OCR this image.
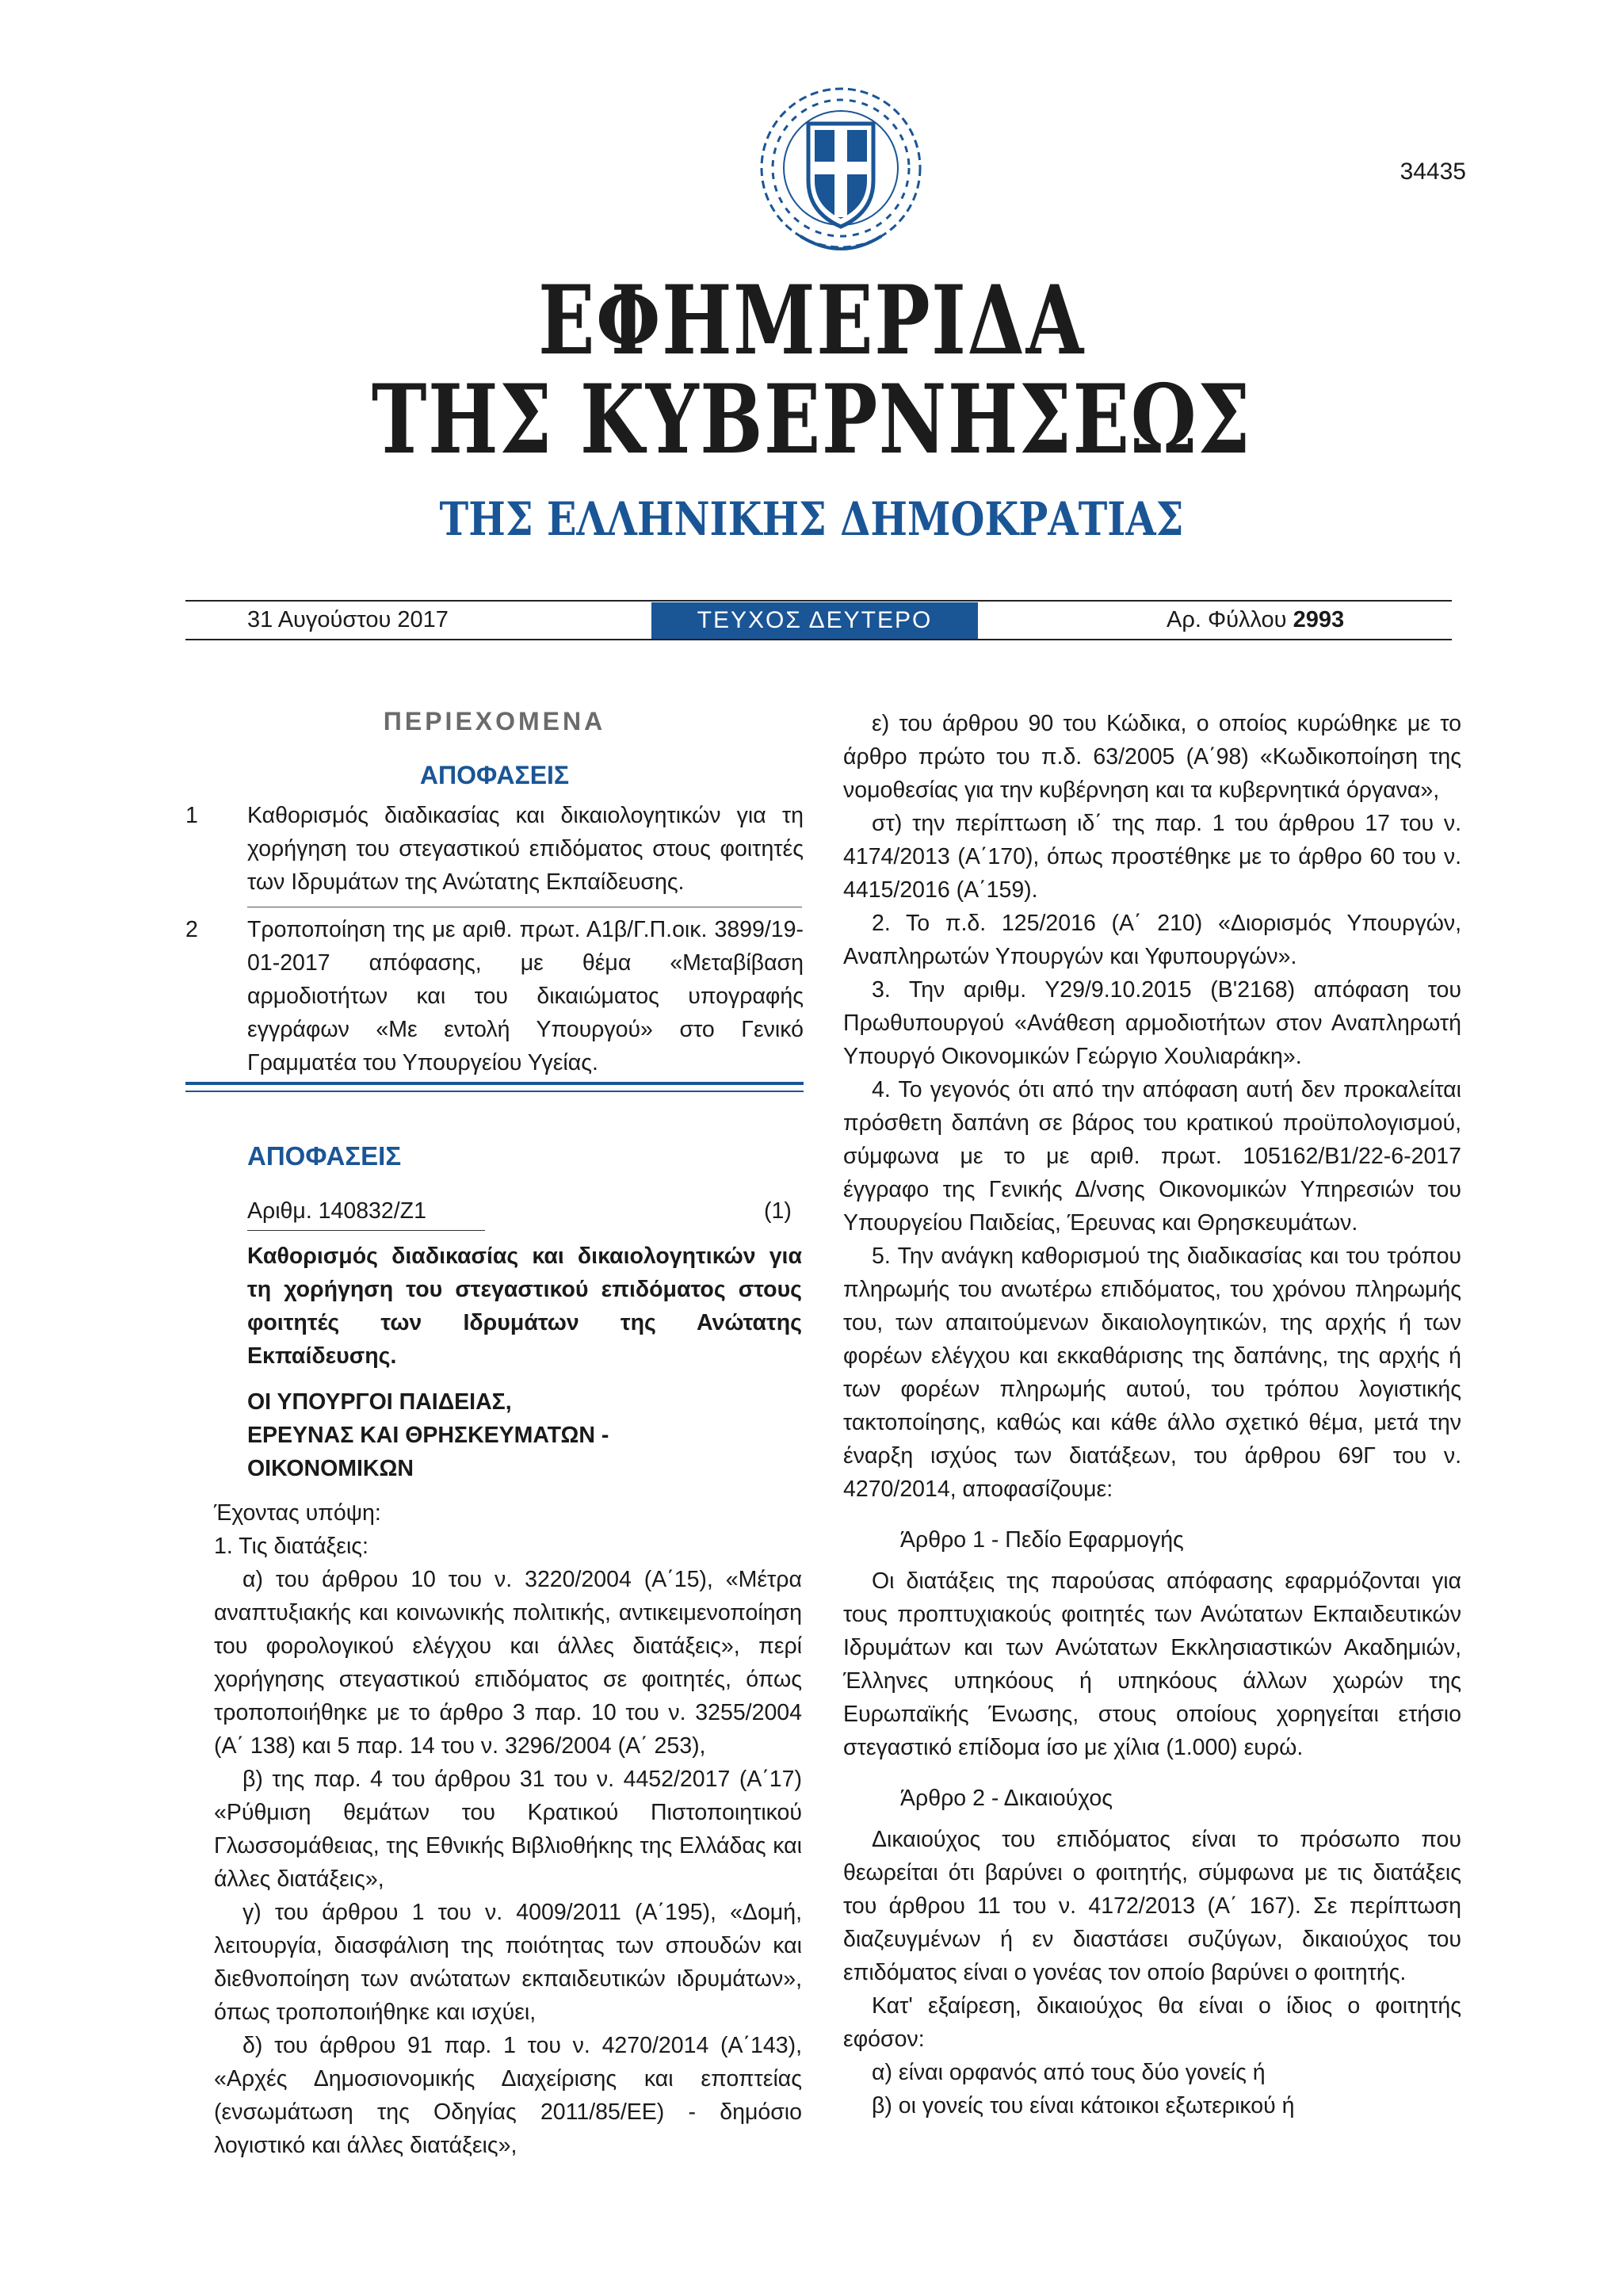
34435
ΕΦΗΜΕΡΙΔΑ
ΤΗΣ ΚΥΒΕΡΝΗΣΕΩΣ
ΤΗΣ ΕΛΛΗΝΙΚΗΣ ΔΗΜΟΚΡΑΤΙΑΣ
31 Αυγούστου 2017	ΤΕΥΧΟΣ ΔΕΥΤΕΡΟ	Αρ. Φύλλου 2993
ΠΕΡΙΕΧΟΜΕΝΑ
ΑΠΟΦΑΣΕΙΣ
1 Καθορισμός διαδικασίας και δικαιολογητικών για τη χορήγηση του στεγαστικού επιδόματος στους φοιτητές των Ιδρυμάτων της Ανώτατης Εκπαίδευσης.
2 Τροποποίηση της με αριθ. πρωτ. Α1β/Γ.Π.οικ. 3899/19-01-2017 απόφασης, με θέμα «Μεταβίβαση αρμοδιοτήτων και του δικαιώματος υπογραφής εγγράφων «Με εντολή Υπουργού» στο Γενικό Γραμματέα του Υπουργείου Υγείας.
ΑΠΟΦΑΣΕΙΣ
Αριθμ. 140832/Ζ1	(1)
Καθορισμός διαδικασίας και δικαιολογητικών για τη χορήγηση του στεγαστικού επιδόματος στους φοιτητές των Ιδρυμάτων της Ανώτατης Εκπαίδευσης.
ΟΙ ΥΠΟΥΡΓΟΙ ΠΑΙΔΕΙΑΣ,
ΕΡΕΥΝΑΣ ΚΑΙ ΘΡΗΣΚΕΥΜΑΤΩΝ -
ΟΙΚΟΝΟΜΙΚΩΝ

Έχοντας υπόψη:

1. Τις διατάξεις:

α) του άρθρου 10 του ν. 3220/2004 (Α΄15), «Μέτρα αναπτυξιακής και κοινωνικής πολιτικής, αντικειμενοποίηση του φορολογικού ελέγχου και άλλες διατάξεις», περί χορήγησης στεγαστικού επιδόματος σε φοιτητές, όπως τροποποιήθηκε με το άρθρο 3 παρ. 10 του ν. 3255/2004 (Α΄ 138) και 5 παρ. 14 του ν. 3296/2004 (Α΄ 253),

β) της παρ. 4 του άρθρου 31 του ν. 4452/2017 (Α΄17) «Ρύθμιση θεμάτων του Κρατικού Πιστοποιητικού Γλωσσομάθειας, της Εθνικής Βιβλιοθήκης της Ελλάδας και άλλες διατάξεις»,

γ) του άρθρου 1 του ν. 4009/2011 (Α΄195), «Δομή, λειτουργία, διασφάλιση της ποιότητας των σπουδών και διεθνοποίηση των ανώτατων εκπαιδευτικών ιδρυμάτων», όπως τροποποιήθηκε και ισχύει,

δ) του άρθρου 91 παρ. 1 του ν. 4270/2014 (Α΄143), «Αρχές Δημοσιονομικής Διαχείρισης και εποπτείας (ενσωμάτωση της Οδηγίας 2011/85/ΕΕ) - δημόσιο λογιστικό και άλλες διατάξεις»,

ε) του άρθρου 90 του Κώδικα, ο οποίος κυρώθηκε με το άρθρο πρώτο του π.δ. 63/2005 (Α΄98) «Κωδικοποίηση της νομοθεσίας για την κυβέρνηση και τα κυβερνητικά όργανα»,

στ) την περίπτωση ιδ΄ της παρ. 1 του άρθρου 17 του ν. 4174/2013 (Α΄170), όπως προστέθηκε με το άρθρο 60 του ν. 4415/2016 (Α΄159).

2. Το π.δ. 125/2016 (Α΄ 210) «Διορισμός Υπουργών, Αναπληρωτών Υπουργών και Υφυπουργών».

3. Την αριθμ. Υ29/9.10.2015 (Β'2168) απόφαση του Πρωθυπουργού «Ανάθεση αρμοδιοτήτων στον Αναπληρωτή Υπουργό Οικονομικών Γεώργιο Χουλιαράκη».

4. Το γεγονός ότι από την απόφαση αυτή δεν προκαλείται πρόσθετη δαπάνη σε βάρος του κρατικού προϋπολογισμού, σύμφωνα με το με αριθ. πρωτ. 105162/Β1/22-6-2017 έγγραφο της Γενικής Δ/νσης Οικονομικών Υπηρεσιών του Υπουργείου Παιδείας, Έρευνας και Θρησκευμάτων.

5. Την ανάγκη καθορισμού της διαδικασίας και του τρόπου πληρωμής του ανωτέρω επιδόματος, του χρόνου πληρωμής του, των απαιτούμενων δικαιολογητικών, της αρχής ή των φορέων ελέγχου και εκκαθάρισης της δαπάνης, της αρχής ή των φορέων πληρωμής αυτού, του τρόπου λογιστικής τακτοποίησης, καθώς και κάθε άλλο σχετικό θέμα, μετά την έναρξη ισχύος των διατάξεων, του άρθρου 69Γ του ν. 4270/2014, αποφασίζουμε:

Άρθρο 1 - Πεδίο Εφαρμογής

Οι διατάξεις της παρούσας απόφασης εφαρμόζονται για τους προπτυχιακούς φοιτητές των Ανώτατων Εκπαιδευτικών Ιδρυμάτων και των Ανώτατων Εκκλησιαστικών Ακαδημιών, Έλληνες υπηκόους ή υπηκόους άλλων χωρών της Ευρωπαϊκής Ένωσης, στους οποίους χορηγείται ετήσιο στεγαστικό επίδομα ίσο με χίλια (1.000) ευρώ.

Άρθρο 2 - Δικαιούχος

Δικαιούχος του επιδόματος είναι το πρόσωπο που θεωρείται ότι βαρύνει ο φοιτητής, σύμφωνα με τις διατάξεις του άρθρου 11 του ν. 4172/2013 (Α΄ 167). Σε περίπτωση διαζευγμένων ή εν διαστάσει συζύγων, δικαιούχος του επιδόματος είναι ο γονέας τον οποίο βαρύνει ο φοιτητής.

Κατ' εξαίρεση, δικαιούχος θα είναι ο ίδιος ο φοιτητής εφόσον:

α) είναι ορφανός από τους δύο γονείς ή

β) οι γονείς του είναι κάτοικοι εξωτερικού ή
